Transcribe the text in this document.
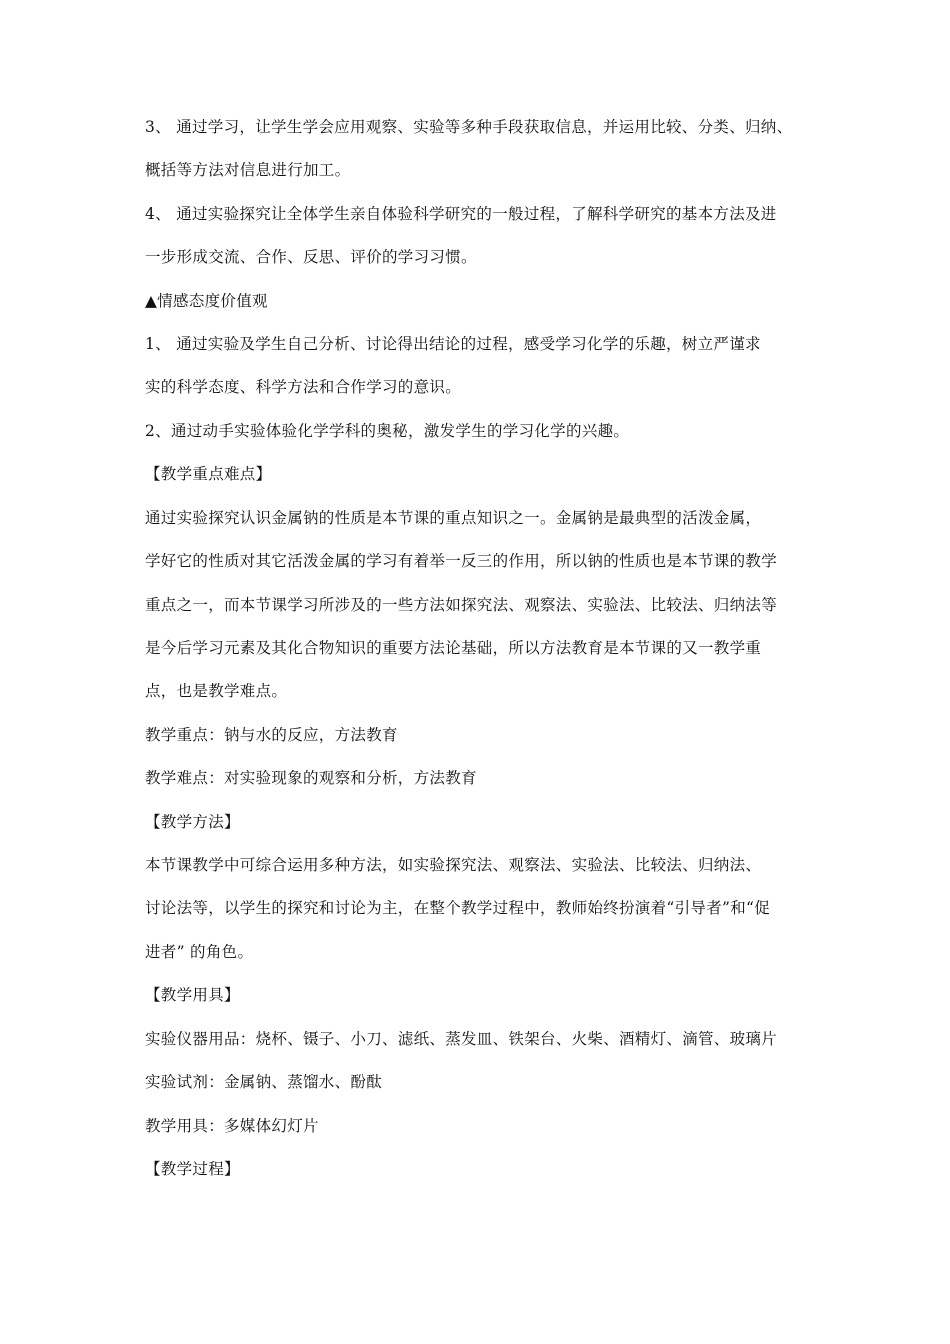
3、 通过学习，让学生学会应用观察、实验等多种手段获取信息，并运用比较、分类、归纳、
概括等方法对信息进行加工。
4、 通过实验探究让全体学生亲自体验科学研究的一般过程，了解科学研究的基本方法及进
一步形成交流、合作、反思、评价的学习习惯。
▲情感态度价值观
1、 通过实验及学生自己分析、讨论得出结论的过程，感受学习化学的乐趣，树立严谨求
实的科学态度、科学方法和合作学习的意识。
2、通过动手实验体验化学学科的奥秘，激发学生的学习化学的兴趣。
【教学重点难点】
通过实验探究认识金属钠的性质是本节课的重点知识之一。金属钠是最典型的活泼金属，
学好它的性质对其它活泼金属的学习有着举一反三的作用，所以钠的性质也是本节课的教学
重点之一，而本节课学习所涉及的一些方法如探究法、观察法、实验法、比较法、归纳法等
是今后学习元素及其化合物知识的重要方法论基础，所以方法教育是本节课的又一教学重
点，也是教学难点。
教学重点：钠与水的反应，方法教育
教学难点：对实验现象的观察和分析，方法教育
【教学方法】
本节课教学中可综合运用多种方法，如实验探究法、观察法、实验法、比较法、归纳法、
讨论法等，以学生的探究和讨论为主，在整个教学过程中，教师始终扮演着“引导者”和“促
进者” 的角色。
【教学用具】
实验仪器用品：烧杯、镊子、小刀、滤纸、蒸发皿、铁架台、火柴、酒精灯、滴管、玻璃片
实验试剂：金属钠、蒸馏水、酚酞
教学用具：多媒体幻灯片
【教学过程】
